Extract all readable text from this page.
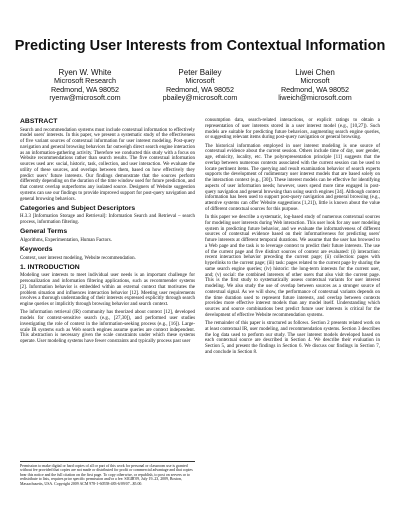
Predicting User Interests from Contextual Information
Ryen W. White
Microsoft Research
Redmond, WA 98052
ryenw@microsoft.com
Peter Bailey
Microsoft
Redmond, WA 98052
pbailey@microsoft.com
Liwei Chen
Microsoft
Redmond, WA 98052
liweich@microsoft.com
ABSTRACT

Search and recommendation systems must include contextual information to effectively model users' interests. In this paper, we present a systematic study of the effectiveness of five variant sources of contextual information for user interest modeling. Post-query navigation and general browsing behaviors far outweigh direct search engine interaction as an information-gathering activity. Therefore we conducted this study with a focus on Website recommendations rather than search results. The five contextual information sources used are: social, historic, task, collection, and user interaction. We evaluate the utility of these sources, and overlaps between them, based on how effectively they predict users' future interests. Our findings demonstrate that the sources perform differently depending on the duration of the time window used for future prediction, and that context overlap outperforms any isolated source. Designers of Website suggestion systems can use our findings to provide improved support for post-query navigation and general browsing behaviors.

Categories and Subject Descriptors

H.3.3 [Information Storage and Retrieval]: Information Search and Retrieval – search process, information filtering.

General Terms

Algorithms, Experimentation, Human Factors.

Keywords

Context, user interest modeling, Website recommendation.

1. INTRODUCTION

Modeling user interests to meet individual user needs is an important challenge for personalization and information filtering applications, such as recommender systems [2]. Information behavior is embedded within an external context that motivates the problem situation and influences interaction behavior [12]. Meeting user requirements involves a thorough understanding of their interests expressed explicitly through search engine queries or implicitly through browsing behavior and search context.

The information retrieval (IR) community has theorized about context [12], developed models for context-sensitive search (e.g., [27,30]), and performed user studies investigating the role of context in the information-seeking process (e.g., [16]). Large-scale IR systems such as Web search engines assume queries are context independent. This abstraction is necessary given the scale constraints under which these systems operate. User modeling systems have fewer constraints and typically process past user

Permission to make digital or hard copies of all or part of this work for personal or classroom use is granted without fee provided that copies are not made or distributed for profit or commercial advantage and that copies bear this notice and the full citation on the first page. To copy otherwise, or republish, to post on servers or to redistribute to lists, requires prior specific permission and/or a fee. SIGIR'09, July 19–23, 2009, Boston, Massachusetts, USA. Copyright 2009 ACM 978-1-60558-483-6/09/07...$5.00.

consumption data, search-related interactions, or explicit ratings to obtain a representation of user interests stored in a user interest model (e.g., [10,27]). Such models are suitable for predicting future behaviors, augmenting search engine queries, or suggesting relevant items during post-query navigation or general browsing.

The historical information employed in user interest modeling is one source of contextual evidence about the current session. Others include time of day, user gender, age, ethnicity, locality, etc. The polyrepresentation principle [11] suggests that the overlap between numerous contexts associated with the current session can be used to locate pertinent items. The querying and result examination behavior of search experts supports the development of rudimentary user interest models that are based solely on the interaction context (e.g., [30]). These interest models can be effective for identifying aspects of user information needs; however, users spend more time engaged in post-query navigation and general browsing than using search engines [34]. Although context information has been used to support post-query navigation and general browsing (e.g., attentive systems can offer Website suggestions [1,21]), little is known about the value of different contextual sources for this purpose.

In this paper we describe a systematic, log-based study of numerous contextual sources for modeling user interests during Web interaction. This user look for any user modeling system in predicting future behavior, and we evaluate the informativeness of different sources of contextual evidence based on their informativeness for predicting users' future interests at different temporal durations. We assume that the user has browsed to a Web page and the task is to leverage context to predict their future interests. The use of the current page and five distinct sources of context are evaluated: (i) interaction: recent interaction behavior preceding the current page; (ii) collection: pages with hyperlinks to the current page; (iii) task: pages related to the current page by sharing the same search engine queries; (iv) historic: the long-term interests for the current user, and; (v) social: the combined interests of other users that also visit the current page. This is the first study to systematically assess contextual variants for user interest modeling. We also study the use of overlap between sources as a stronger source of contextual signal. As we will show, the performance of contextual variants depends on the time duration used to represent future interests, and overlap between contexts provides more effective interest models than any model itself. Understanding which sources and source combinations best predict future user interests is critical for the development of effective Website recommendation systems.

The remainder of this paper is structured as follows. Section 2 presents related work on at least contextual IR, user modeling, and recommendation systems. Section 3 describes the log data used to perform our study. The user interest models developed based on each contextual source are described in Section 4. We describe their evaluation in Section 5, and present the findings in Section 6. We discuss our findings in Section 7, and conclude in Section 8.
